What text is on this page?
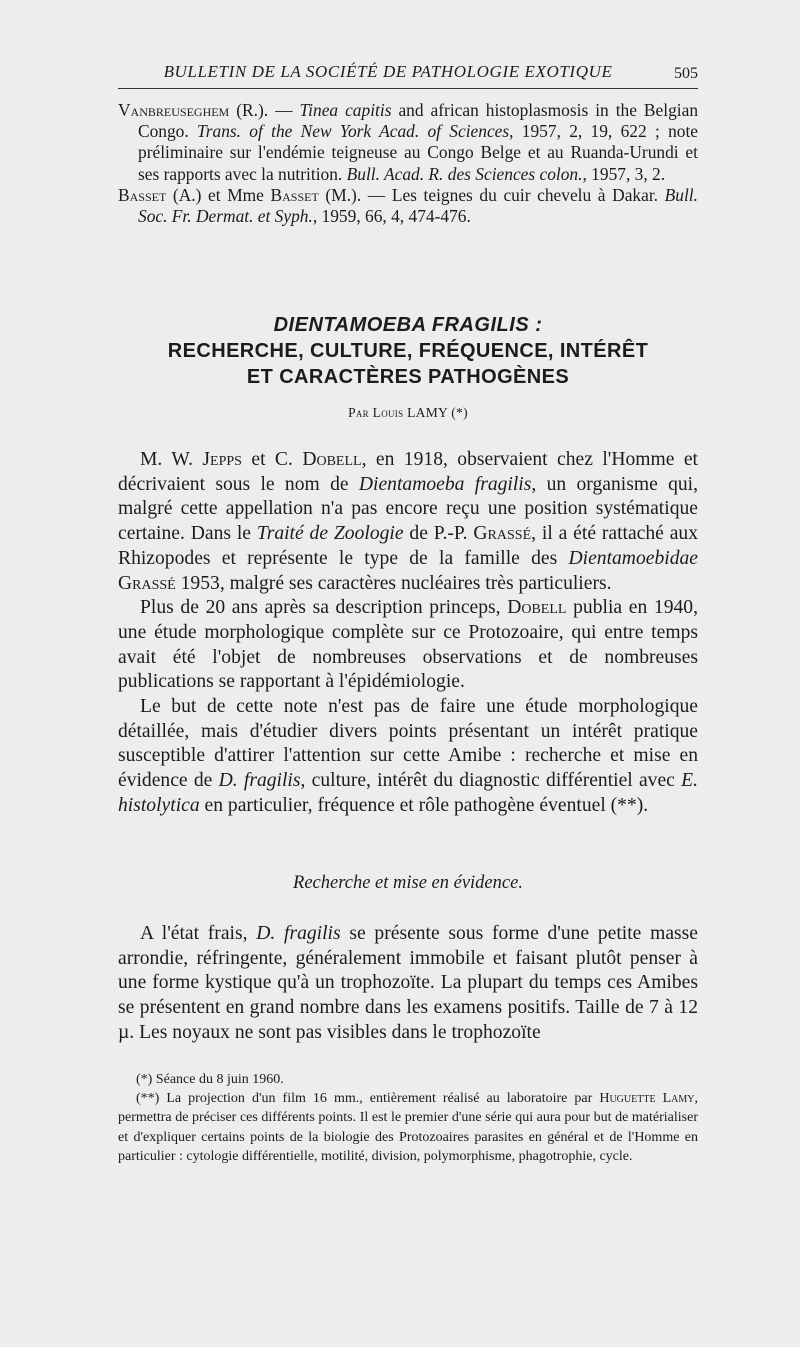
BULLETIN DE LA SOCIÉTÉ DE PATHOLOGIE EXOTIQUE	505

Vanbreuseghem (R.). — Tinea capitis and african histoplasmosis in the Belgian Congo. Trans. of the New York Acad. of Sciences, 1957, 2, 19, 622 ; note préliminaire sur l'endémie teigneuse au Congo Belge et au Ruanda-Urundi et ses rapports avec la nutrition. Bull. Acad. R. des Sciences colon., 1957, 3, 2.

Basset (A.) et Mme Basset (M.). — Les teignes du cuir chevelu à Dakar. Bull. Soc. Fr. Dermat. et Syph., 1959, 66, 4, 474-476.

DIENTAMOEBA FRAGILIS :
RECHERCHE, CULTURE, FRÉQUENCE, INTÉRÊT
ET CARACTÈRES PATHOGÈNES
Par Louis LAMY (*)

M. W. Jepps et C. Dobell, en 1918, observaient chez l'Homme et décrivaient sous le nom de Dientamoeba fragilis, un organisme qui, malgré cette appellation n'a pas encore reçu une position systématique certaine. Dans le Traité de Zoologie de P.-P. Grassé, il a été rattaché aux Rhizopodes et représente le type de la famille des Dientamoebidae Grassé 1953, malgré ses caractères nucléaires très particuliers.

Plus de 20 ans après sa description princeps, Dobell publia en 1940, une étude morphologique complète sur ce Protozoaire, qui entre temps avait été l'objet de nombreuses observations et de nombreuses publications se rapportant à l'épidémiologie.

Le but de cette note n'est pas de faire une étude morphologique détaillée, mais d'étudier divers points présentant un intérêt pratique susceptible d'attirer l'attention sur cette Amibe : recherche et mise en évidence de D. fragilis, culture, intérêt du diagnostic différentiel avec E. histolytica en particulier, fréquence et rôle pathogène éventuel (**).

Recherche et mise en évidence.

A l'état frais, D. fragilis se présente sous forme d'une petite masse arrondie, réfringente, généralement immobile et faisant plutôt penser à une forme kystique qu'à un trophozoïte. La plupart du temps ces Amibes se présentent en grand nombre dans les examens positifs. Taille de 7 à 12 µ. Les noyaux ne sont pas visibles dans le trophozoïte

(*) Séance du 8 juin 1960.

(**) La projection d'un film 16 mm., entièrement réalisé au laboratoire par Huguette Lamy, permettra de préciser ces différents points. Il est le premier d'une série qui aura pour but de matérialiser et d'expliquer certains points de la biologie des Protozoaires parasites en général et de l'Homme en particulier : cytologie différentielle, motilité, division, polymorphisme, phagotrophie, cycle.
